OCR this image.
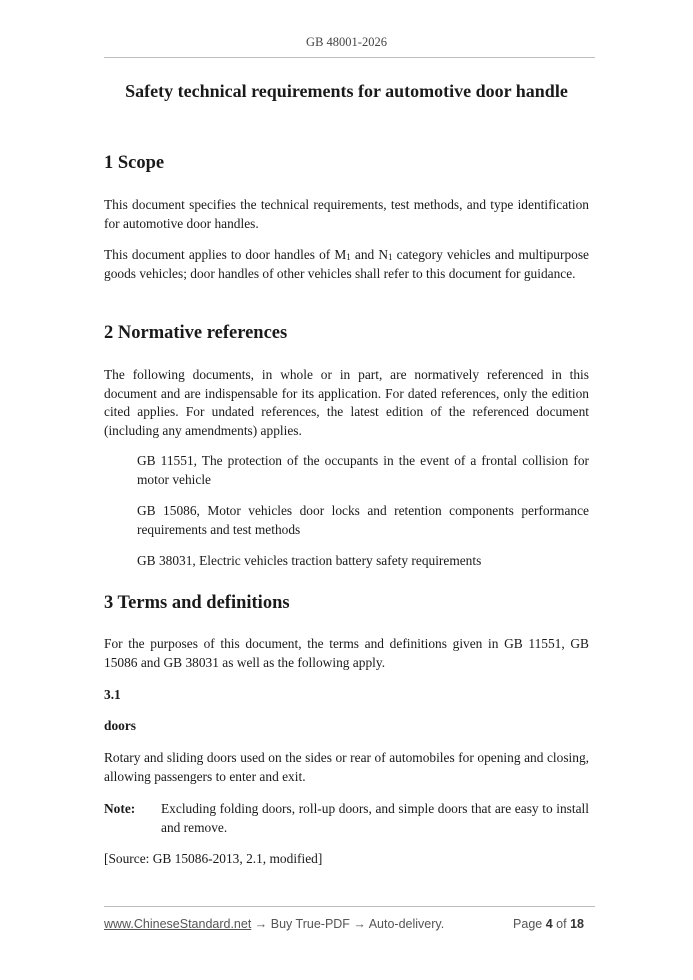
GB 48001-2026
Safety technical requirements for automotive door handle
1 Scope
This document specifies the technical requirements, test methods, and type identification for automotive door handles.
This document applies to door handles of $M_1$ and $N_1$ category vehicles and multipurpose goods vehicles; door handles of other vehicles shall refer to this document for guidance.
2 Normative references
The following documents, in whole or in part, are normatively referenced in this document and are indispensable for its application. For dated references, only the edition cited applies. For undated references, the latest edition of the referenced document (including any amendments) applies.
GB 11551, The protection of the occupants in the event of a frontal collision for motor vehicle
GB 15086, Motor vehicles door locks and retention components performance requirements and test methods
GB 38031, Electric vehicles traction battery safety requirements
3 Terms and definitions
For the purposes of this document, the terms and definitions given in GB 11551, GB 15086 and GB 38031 as well as the following apply.
3.1
doors
Rotary and sliding doors used on the sides or rear of automobiles for opening and closing, allowing passengers to enter and exit.
Note: Excluding folding doors, roll-up doors, and simple doors that are easy to install and remove.
[Source: GB 15086-2013, 2.1, modified]
www.ChineseStandard.net → Buy True-PDF → Auto-delivery.	Page 4 of 18
